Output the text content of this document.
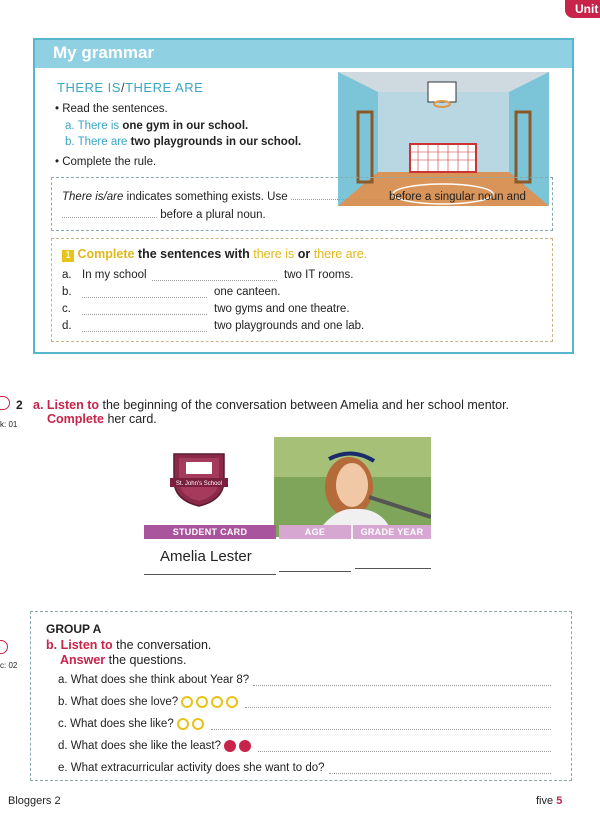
Unit
My grammar
THERE IS/THERE ARE
• Read the sentences.
a. There is one gym in our school.
b. There are two playgrounds in our school.
• Complete the rule.
There is/are indicates something exists. Use	before a singular noun and
before a plural noun.
1 Complete the sentences with there is or there are.
a. In my school	two IT rooms.
b.	one canteen.
c.	two gyms and one theatre.
d.	two playgrounds and one lab.
k: 01
2 a. Listen to the beginning of the conversation between Amelia and her school mentor.
Complete her card.
St. John's School
STUDENT CARD	AGE	GRADE YEAR
Amelia Lester
c: 02
GROUP A
b. Listen to the conversation.
Answer the questions.
a.
What does she think about Year 8?
b.
What does she love?
c.
What does she like?
d.
What does she like the least?
e.
What extracurricular activity does she want to do?
Bloggers 2	five 5
